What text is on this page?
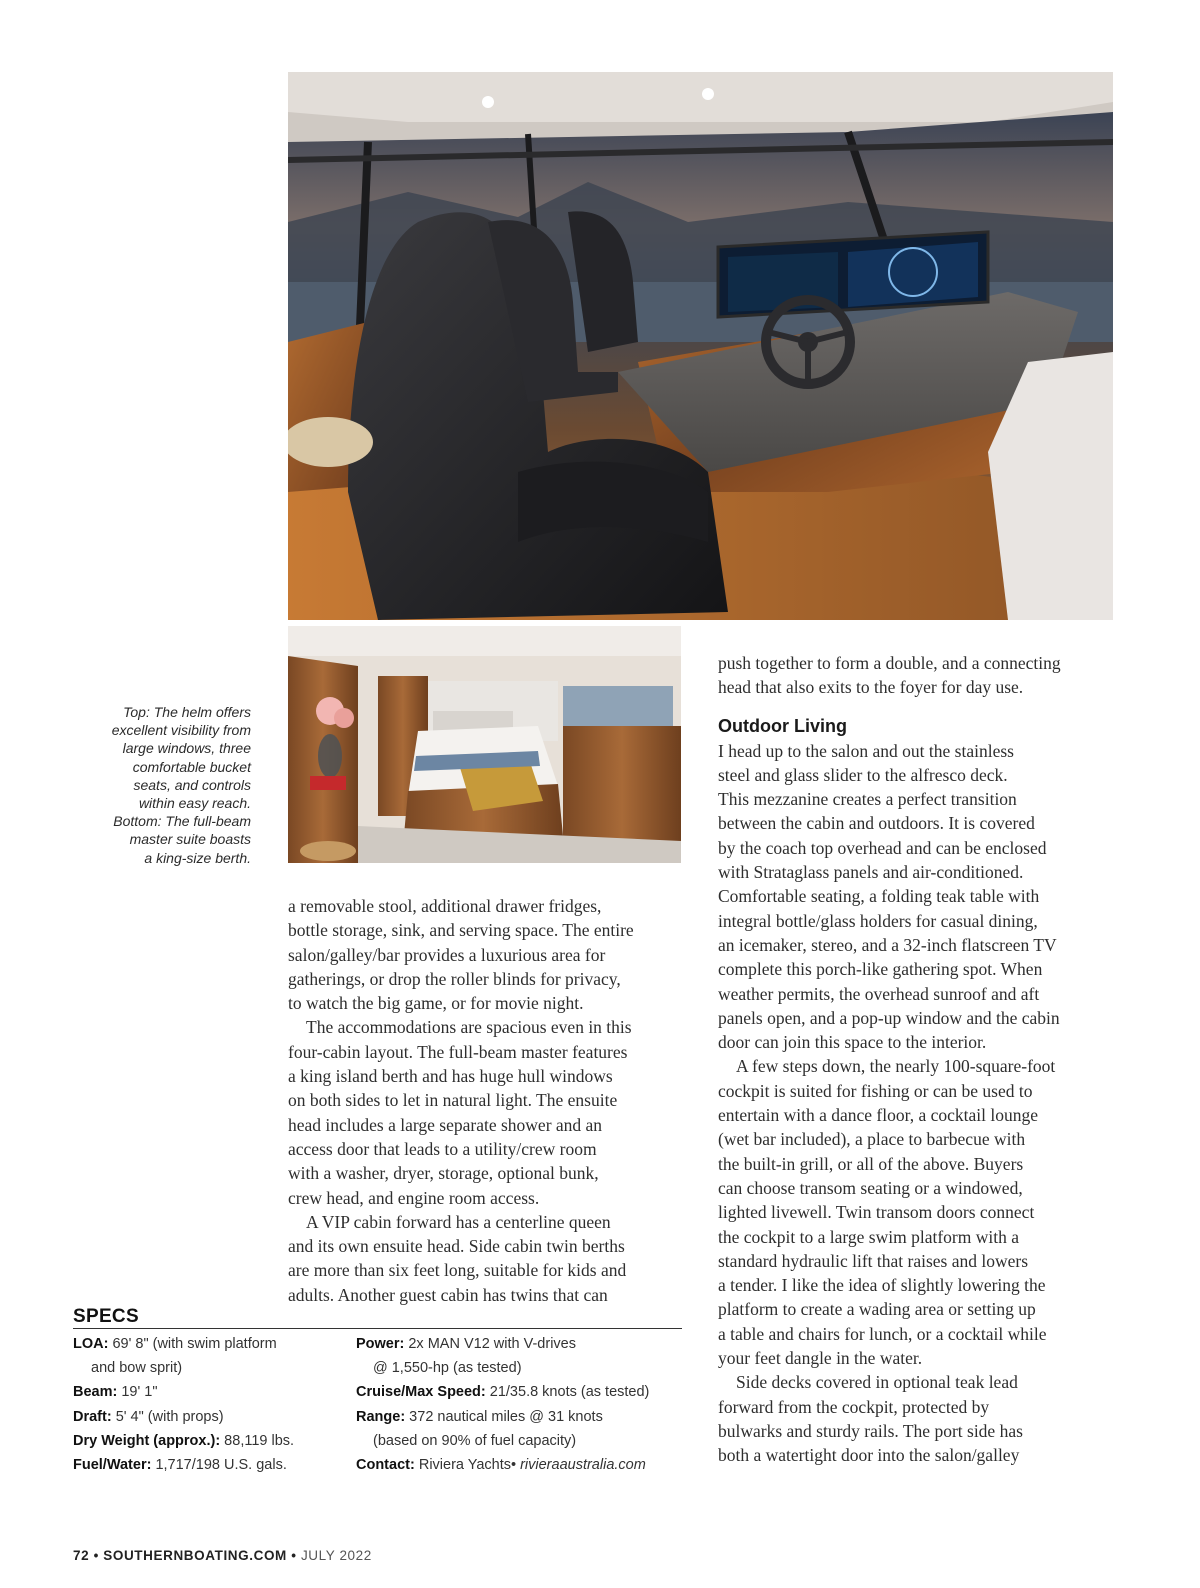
Top: The helm offers
excellent visibility from
large windows, three
comfortable bucket
seats, and controls
within easy reach.
Bottom: The full-beam
master suite boasts
a king-size berth.
a removable stool, additional drawer fridges,
bottle storage, sink, and serving space. The entire
salon/galley/bar provides a luxurious area for
gatherings, or drop the roller blinds for privacy,
to watch the big game, or for movie night.
The accommodations are spacious even in this
four-cabin layout. The full-beam master features
a king island berth and has huge hull windows
on both sides to let in natural light. The ensuite
head includes a large separate shower and an
access door that leads to a utility/crew room
with a washer, dryer, storage, optional bunk,
crew head, and engine room access.
A VIP cabin forward has a centerline queen
and its own ensuite head. Side cabin twin berths
are more than six feet long, suitable for kids and
adults. Another guest cabin has twins that can
push together to form a double, and a connecting
head that also exits to the foyer for day use.
Outdoor Living
I head up to the salon and out the stainless
steel and glass slider to the alfresco deck.
This mezzanine creates a perfect transition
between the cabin and outdoors. It is covered
by the coach top overhead and can be enclosed
with Strataglass panels and air-conditioned.
Comfortable seating, a folding teak table with
integral bottle/glass holders for casual dining,
an icemaker, stereo, and a 32-inch flatscreen TV
complete this porch-like gathering spot. When
weather permits, the overhead sunroof and aft
panels open, and a pop-up window and the cabin
door can join this space to the interior.
A few steps down, the nearly 100-square-foot
cockpit is suited for fishing or can be used to
entertain with a dance floor, a cocktail lounge
(wet bar included), a place to barbecue with
the built-in grill, or all of the above. Buyers
can choose transom seating or a windowed,
lighted livewell. Twin transom doors connect
the cockpit to a large swim platform with a
standard hydraulic lift that raises and lowers
a tender. I like the idea of slightly lowering the
platform to create a wading area or setting up
a table and chairs for lunch, or a cocktail while
your feet dangle in the water.
Side decks covered in optional teak lead
forward from the cockpit, protected by
bulwarks and sturdy rails. The port side has
both a watertight door into the salon/galley
SPECS
LOA: 69' 8" (with swim platform
and bow sprit)
Beam: 19' 1"
Draft: 5' 4" (with props)
Dry Weight (approx.): 88,119 lbs.
Fuel/Water: 1,717/198 U.S. gals.
Power: 2x MAN V12 with V-drives
@ 1,550-hp (as tested)
Cruise/Max Speed: 21/35.8 knots (as tested)
Range: 372 nautical miles @ 31 knots
(based on 90% of fuel capacity)
Contact: Riviera Yachts• rivieraaustralia.com
72 • SOUTHERNBOATING.COM • JULY 2022
